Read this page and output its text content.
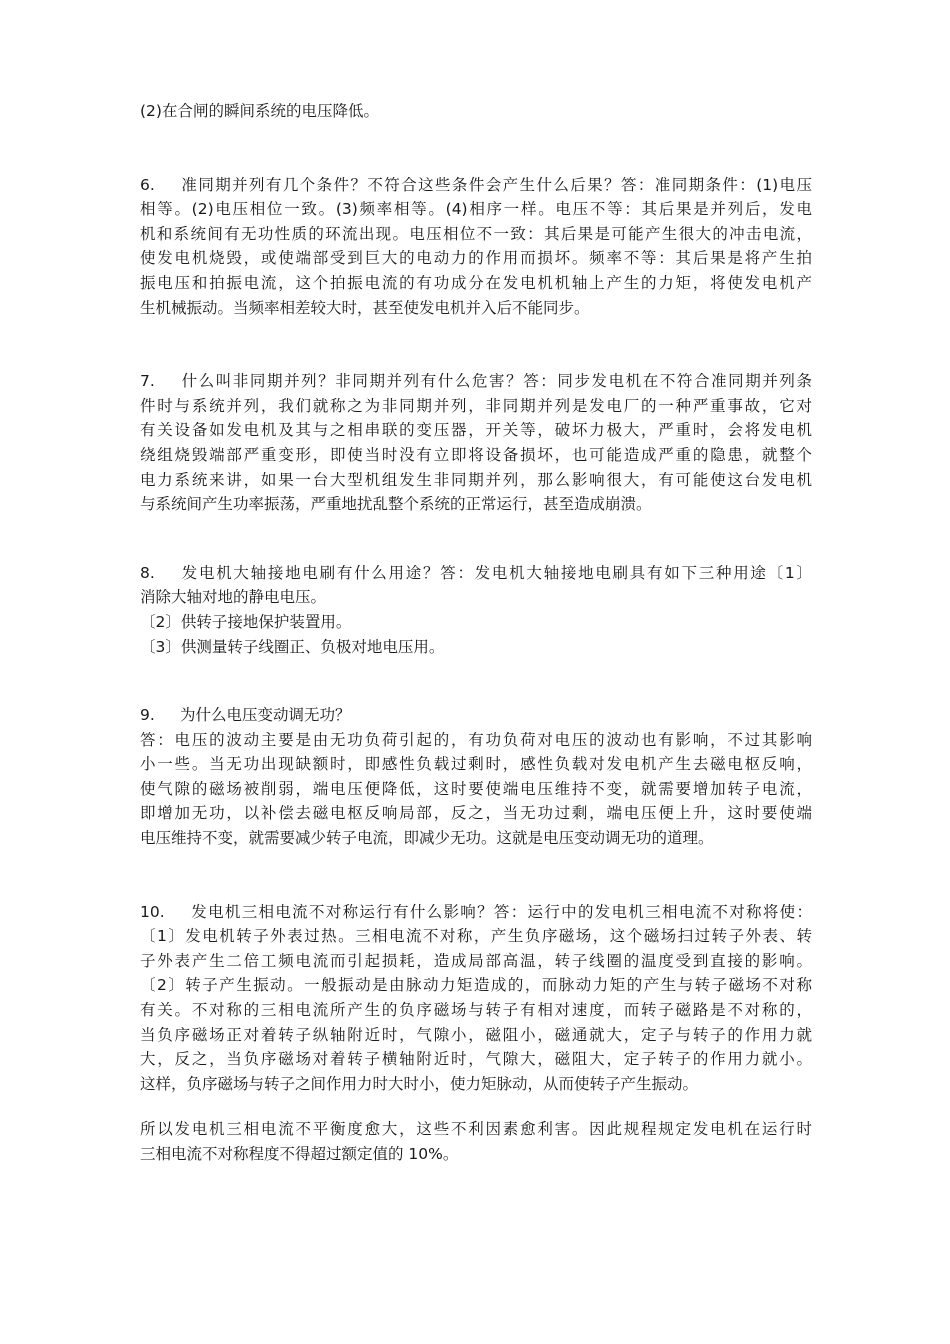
(2)在合闸的瞬间系统的电压降低。
6. 准同期并列有几个条件？不符合这些条件会产生什么后果？答：准同期条件：(1)电压
相等。(2)电压相位一致。(3)频率相等。(4)相序一样。电压不等：其后果是并列后，发电
机和系统间有无功性质的环流出现。电压相位不一致：其后果是可能产生很大的冲击电流，
使发电机烧毁，或使端部受到巨大的电动力的作用而损坏。频率不等：其后果是将产生拍
振电压和拍振电流，这个拍振电流的有功成分在发电机机轴上产生的力矩，将使发电机产
生机械振动。当频率相差较大时，甚至使发电机并入后不能同步。
7. 什么叫非同期并列？非同期并列有什么危害？答：同步发电机在不符合准同期并列条
件时与系统并列，我们就称之为非同期并列，非同期并列是发电厂的一种严重事故，它对
有关设备如发电机及其与之相串联的变压器，开关等，破坏力极大，严重时，会将发电机
绕组烧毁端部严重变形，即使当时没有立即将设备损坏，也可能造成严重的隐患，就整个
电力系统来讲，如果一台大型机组发生非同期并列，那么影响很大，有可能使这台发电机
与系统间产生功率振荡，严重地扰乱整个系统的正常运行，甚至造成崩溃。
8. 发电机大轴接地电刷有什么用途？答：发电机大轴接地电刷具有如下三种用途〔1〕
消除大轴对地的静电电压。
〔2〕供转子接地保护装置用。
〔3〕供测量转子线圈正、负极对地电压用。
9. 为什么电压变动调无功？
答：电压的波动主要是由无功负荷引起的，有功负荷对电压的波动也有影响，不过其影响
小一些。当无功出现缺额时，即感性负载过剩时，感性负载对发电机产生去磁电枢反响，
使气隙的磁场被削弱，端电压便降低，这时要使端电压维持不变，就需要增加转子电流，
即增加无功，以补偿去磁电枢反响局部，反之，当无功过剩，端电压便上升，这时要使端
电压维持不变，就需要减少转子电流，即减少无功。这就是电压变动调无功的道理。
10. 发电机三相电流不对称运行有什么影响？答：运行中的发电机三相电流不对称将使：
〔1〕发电机转子外表过热。三相电流不对称，产生负序磁场，这个磁场扫过转子外表、转
子外表产生二倍工频电流而引起损耗，造成局部高温，转子线圈的温度受到直接的影响。
〔2〕转子产生振动。一般振动是由脉动力矩造成的，而脉动力矩的产生与转子磁场不对称
有关。不对称的三相电流所产生的负序磁场与转子有相对速度，而转子磁路是不对称的，
当负序磁场正对着转子纵轴附近时，气隙小，磁阻小，磁通就大，定子与转子的作用力就
大，反之，当负序磁场对着转子横轴附近时，气隙大，磁阻大，定子转子的作用力就小。
这样，负序磁场与转子之间作用力时大时小，使力矩脉动，从而使转子产生振动。
所以发电机三相电流不平衡度愈大，这些不利因素愈利害。因此规程规定发电机在运行时
三相电流不对称程度不得超过额定值的 10%。
